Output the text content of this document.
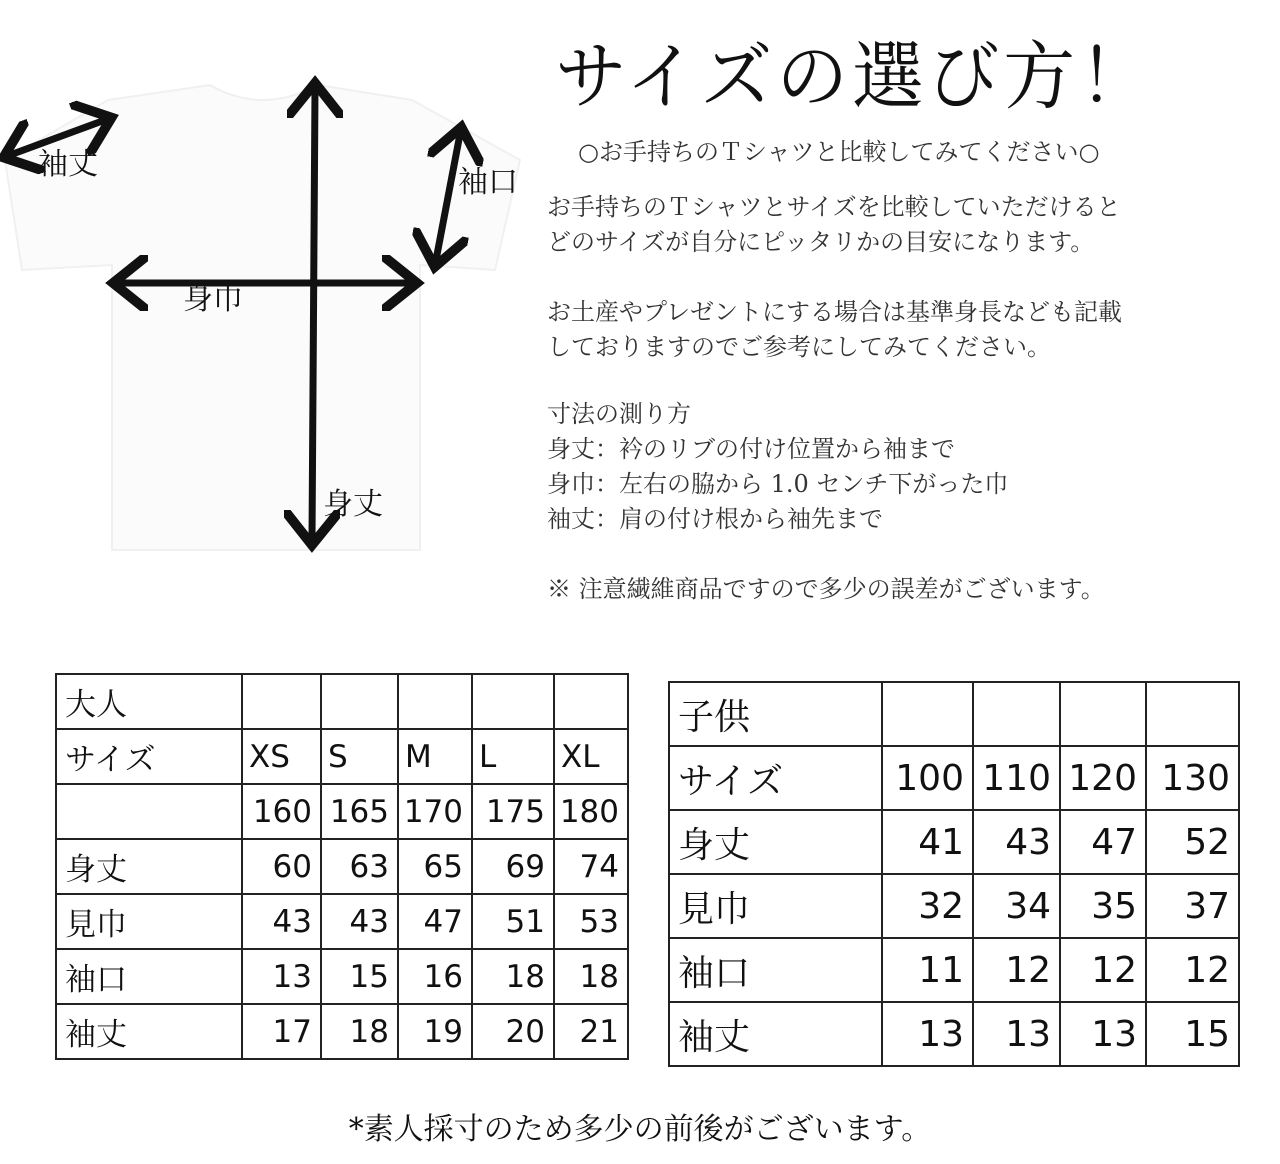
袖丈
袖口
身巾
身丈
サイズの選び方！
○お手持ちのＴシャツと比較してみてください○
お手持ちのＴシャツとサイズを比較していただけると
どのサイズが自分にピッタリかの目安になります。
お土産やプレゼントにする場合は基準身長なども記載
しておりますのでご参考にしてみてください。
寸法の測り方
身丈：衿のリブの付け位置から袖まで
身巾：左右の脇から 1.0 センチ下がった巾
袖丈：肩の付け根から袖先まで
※ 注意繊維商品ですので多少の誤差がございます。
大人					
サイズ	XS	S	M	L	XL
	160	165	170	175	180
身丈	60	63	65	69	74
見巾	43	43	47	51	53
袖口	13	15	16	18	18
袖丈	17	18	19	20	21
子供				
サイズ	100	110	120	130
身丈	41	43	47	52
見巾	32	34	35	37
袖口	11	12	12	12
袖丈	13	13	13	15
*素人採寸のため多少の前後がございます。
